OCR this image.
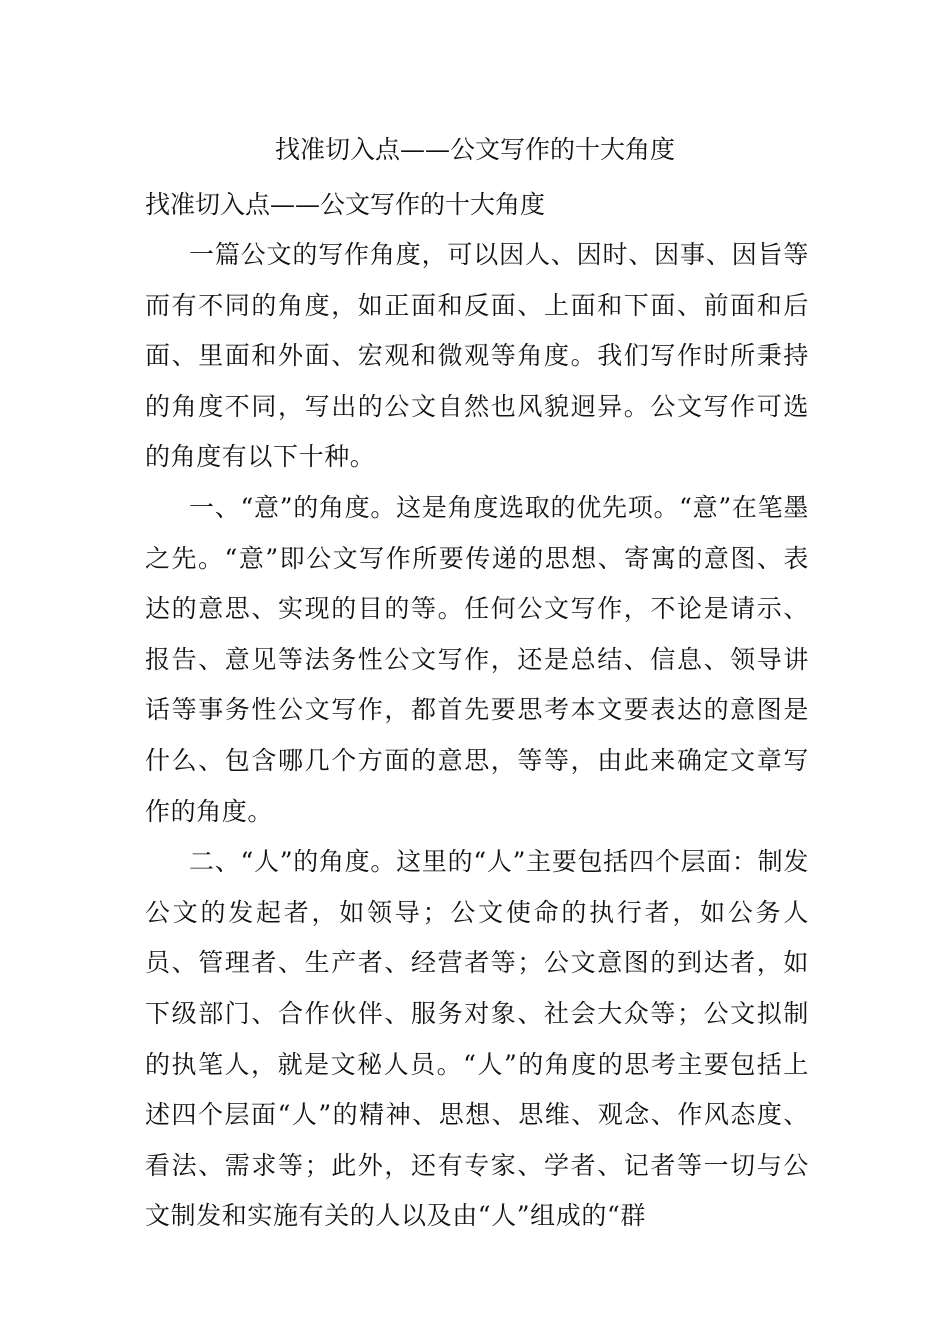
找准切入点——公文写作的十大角度

找准切入点——公文写作的十大角度

一篇公文的写作角度，可以因人、因时、因事、因旨等而有不同的角度，如正面和反面、上面和下面、前面和后面、里面和外面、宏观和微观等角度。我们写作时所秉持的角度不同，写出的公文自然也风貌迥异。公文写作可选的角度有以下十种。

一、“意”的角度。这是角度选取的优先项。“意”在笔墨之先。“意”即公文写作所要传递的思想、寄寓的意图、表达的意思、实现的目的等。任何公文写作，不论是请示、报告、意见等法务性公文写作，还是总结、信息、领导讲话等事务性公文写作，都首先要思考本文要表达的意图是什么、包含哪几个方面的意思，等等，由此来确定文章写作的角度。

二、“人”的角度。这里的“人”主要包括四个层面：制发公文的发起者，如领导；公文使命的执行者，如公务人员、管理者、生产者、经营者等；公文意图的到达者，如下级部门、合作伙伴、服务对象、社会大众等；公文拟制的执笔人，就是文秘人员。“人”的角度的思考主要包括上述四个层面“人”的精神、思想、思维、观念、作风态度、看法、需求等；此外，还有专家、学者、记者等一切与公文制发和实施有关的人以及由“人”组成的“群
